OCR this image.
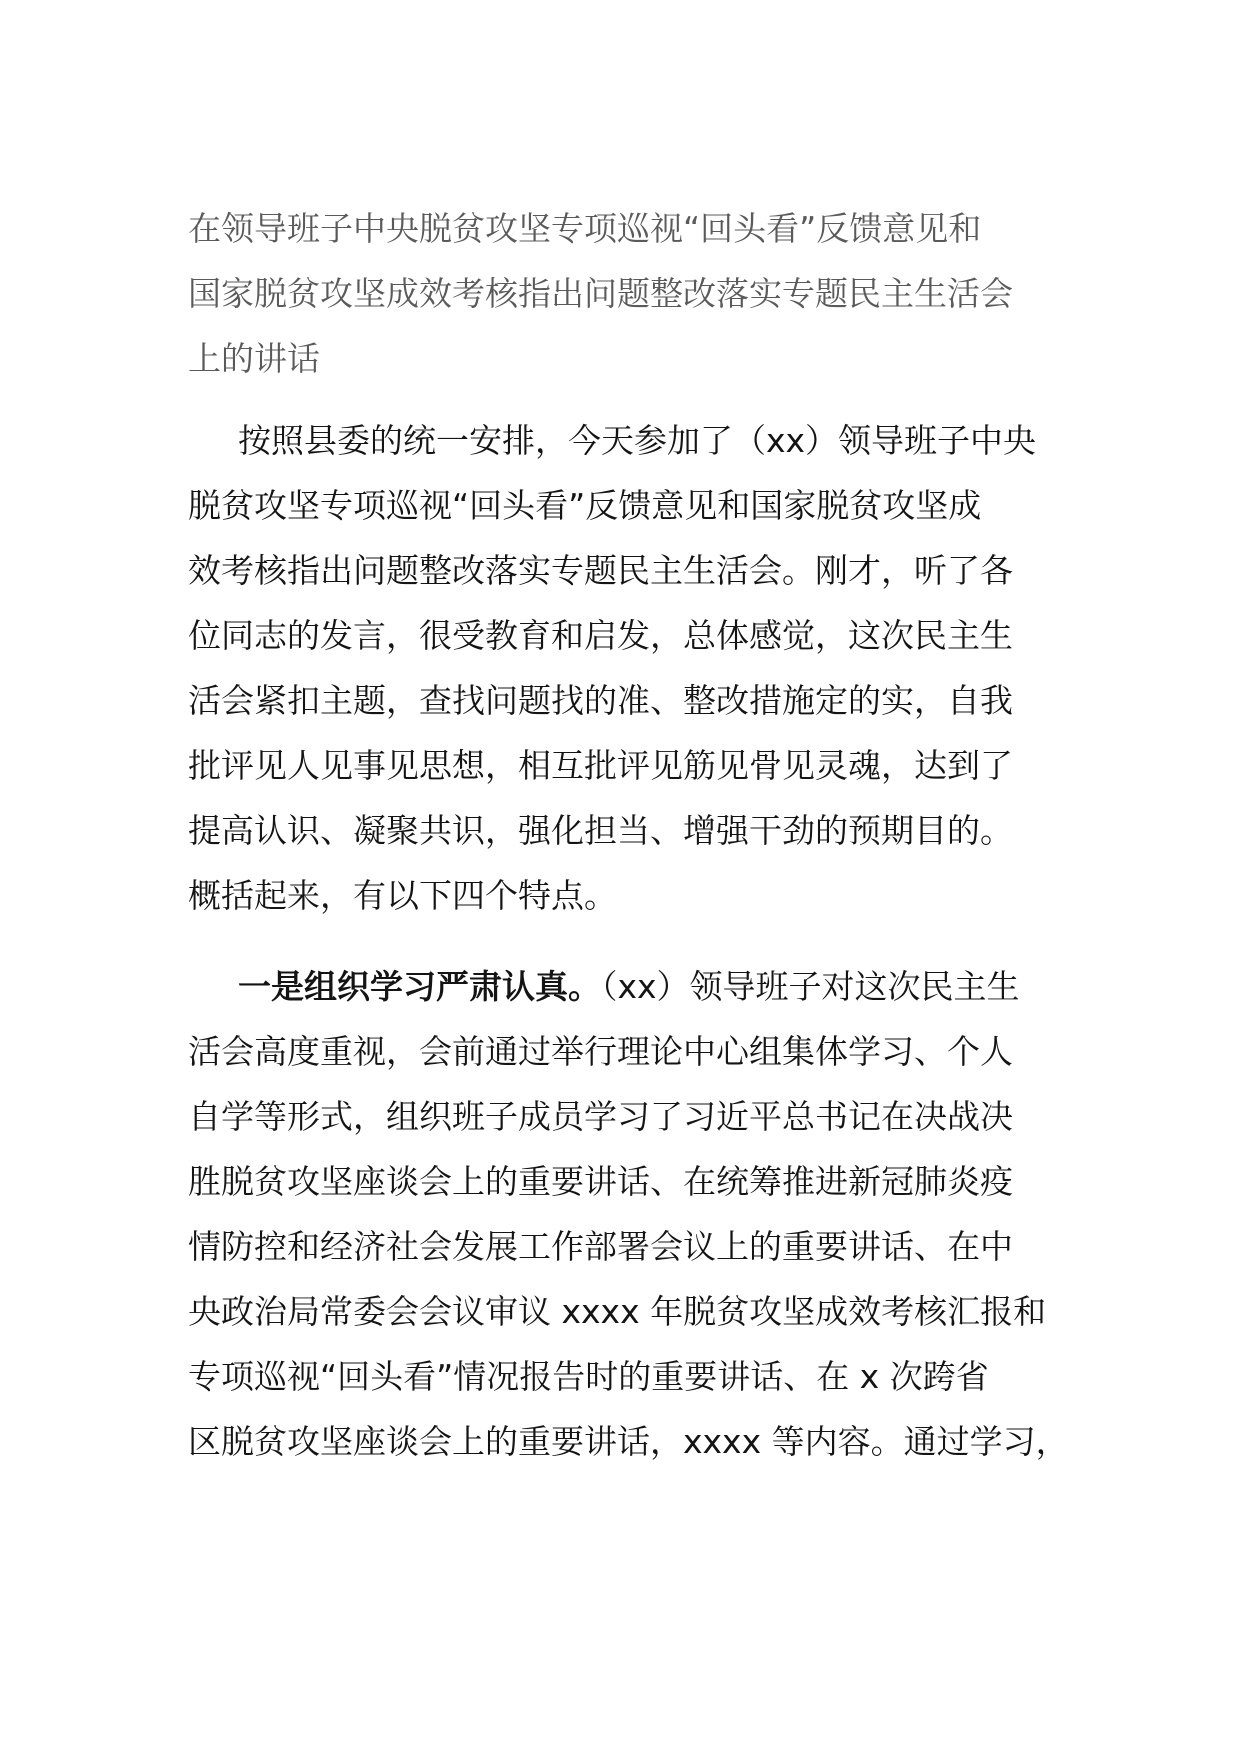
在领导班子中央脱贫攻坚专项巡视“回头看”反馈意见和
国家脱贫攻坚成效考核指出问题整改落实专题民主生活会
上的讲话

按照县委的统一安排，今天参加了（xx）领导班子中央
脱贫攻坚专项巡视“回头看”反馈意见和国家脱贫攻坚成
效考核指出问题整改落实专题民主生活会。刚才，听了各
位同志的发言，很受教育和启发，总体感觉，这次民主生
活会紧扣主题，查找问题找的准、整改措施定的实，自我
批评见人见事见思想，相互批评见筋见骨见灵魂，达到了
提高认识、凝聚共识，强化担当、增强干劲的预期目的。
概括起来，有以下四个特点。

一是组织学习严肃认真。（xx）领导班子对这次民主生
活会高度重视，会前通过举行理论中心组集体学习、个人
自学等形式，组织班子成员学习了习近平总书记在决战决
胜脱贫攻坚座谈会上的重要讲话、在统筹推进新冠肺炎疫
情防控和经济社会发展工作部署会议上的重要讲话、在中
央政治局常委会会议审议 xxxx 年脱贫攻坚成效考核汇报和
专项巡视“回头看”情况报告时的重要讲话、在 x 次跨省
区脱贫攻坚座谈会上的重要讲话，xxxx 等内容。通过学习，
